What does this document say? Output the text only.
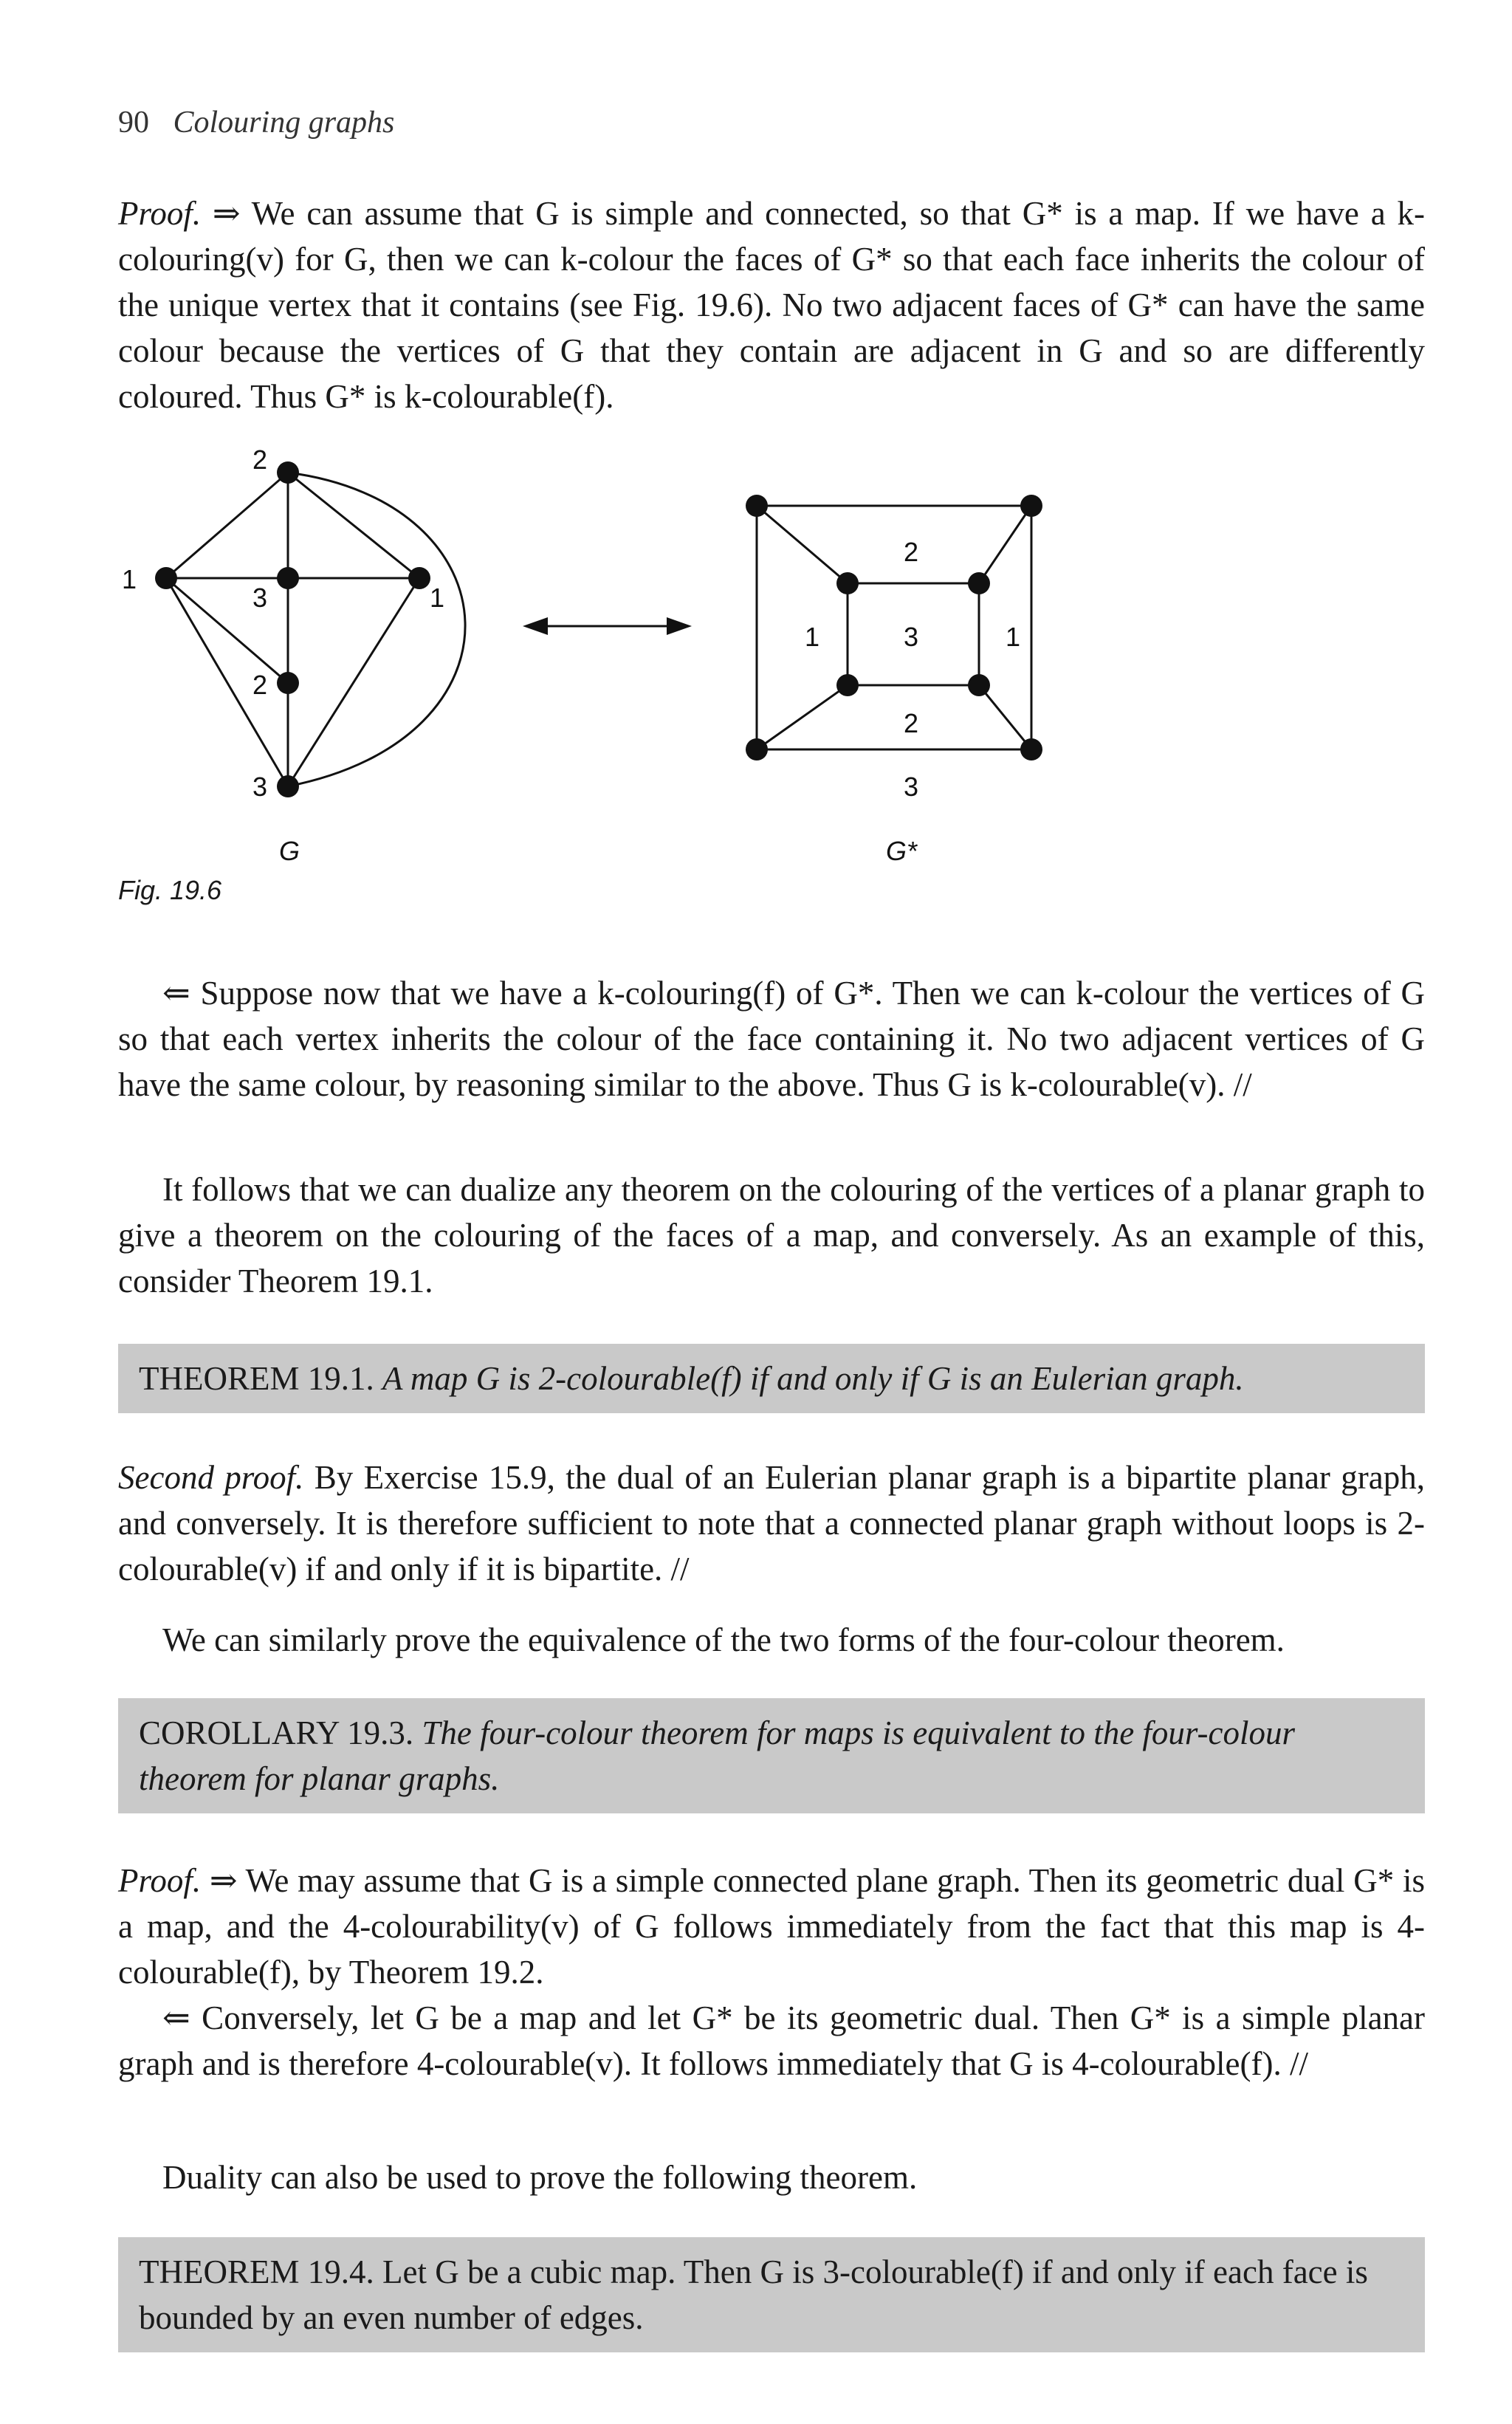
90 Colouring graphs

Proof. ⇒ We can assume that G is simple and connected, so that G* is a map. If we have a k-colouring(v) for G, then we can k-colour the faces of G* so that each face inherits the colour of the unique vertex that it contains (see Fig. 19.6). No two adjacent faces of G* can have the same colour because the vertices of G that they contain are adjacent in G and so are differently coloured. Thus G* is k-colourable(f).

2
1
3	1
2
3
G
2
1	3	1
2
3
G*
Fig. 19.6

⇐ Suppose now that we have a k-colouring(f) of G*. Then we can k-colour the vertices of G so that each vertex inherits the colour of the face containing it. No two adjacent vertices of G have the same colour, by reasoning similar to the above. Thus G is k-colourable(v). //

It follows that we can dualize any theorem on the colouring of the vertices of a planar graph to give a theorem on the colouring of the faces of a map, and conversely. As an example of this, consider Theorem 19.1.

THEOREM 19.1. A map G is 2-colourable(f) if and only if G is an Eulerian graph.

Second proof. By Exercise 15.9, the dual of an Eulerian planar graph is a bipartite planar graph, and conversely. It is therefore sufficient to note that a connected planar graph without loops is 2-colourable(v) if and only if it is bipartite. //

We can similarly prove the equivalence of the two forms of the four-colour theorem.

COROLLARY 19.3. The four-colour theorem for maps is equivalent to the four-colour theorem for planar graphs.

Proof. ⇒ We may assume that G is a simple connected plane graph. Then its geometric dual G* is a map, and the 4-colourability(v) of G follows immediately from the fact that this map is 4-colourable(f), by Theorem 19.2.

⇐ Conversely, let G be a map and let G* be its geometric dual. Then G* is a simple planar graph and is therefore 4-colourable(v). It follows immediately that G is 4-colourable(f). //

Duality can also be used to prove the following theorem.

THEOREM 19.4. Let G be a cubic map. Then G is 3-colourable(f) if and only if each face is bounded by an even number of edges.
